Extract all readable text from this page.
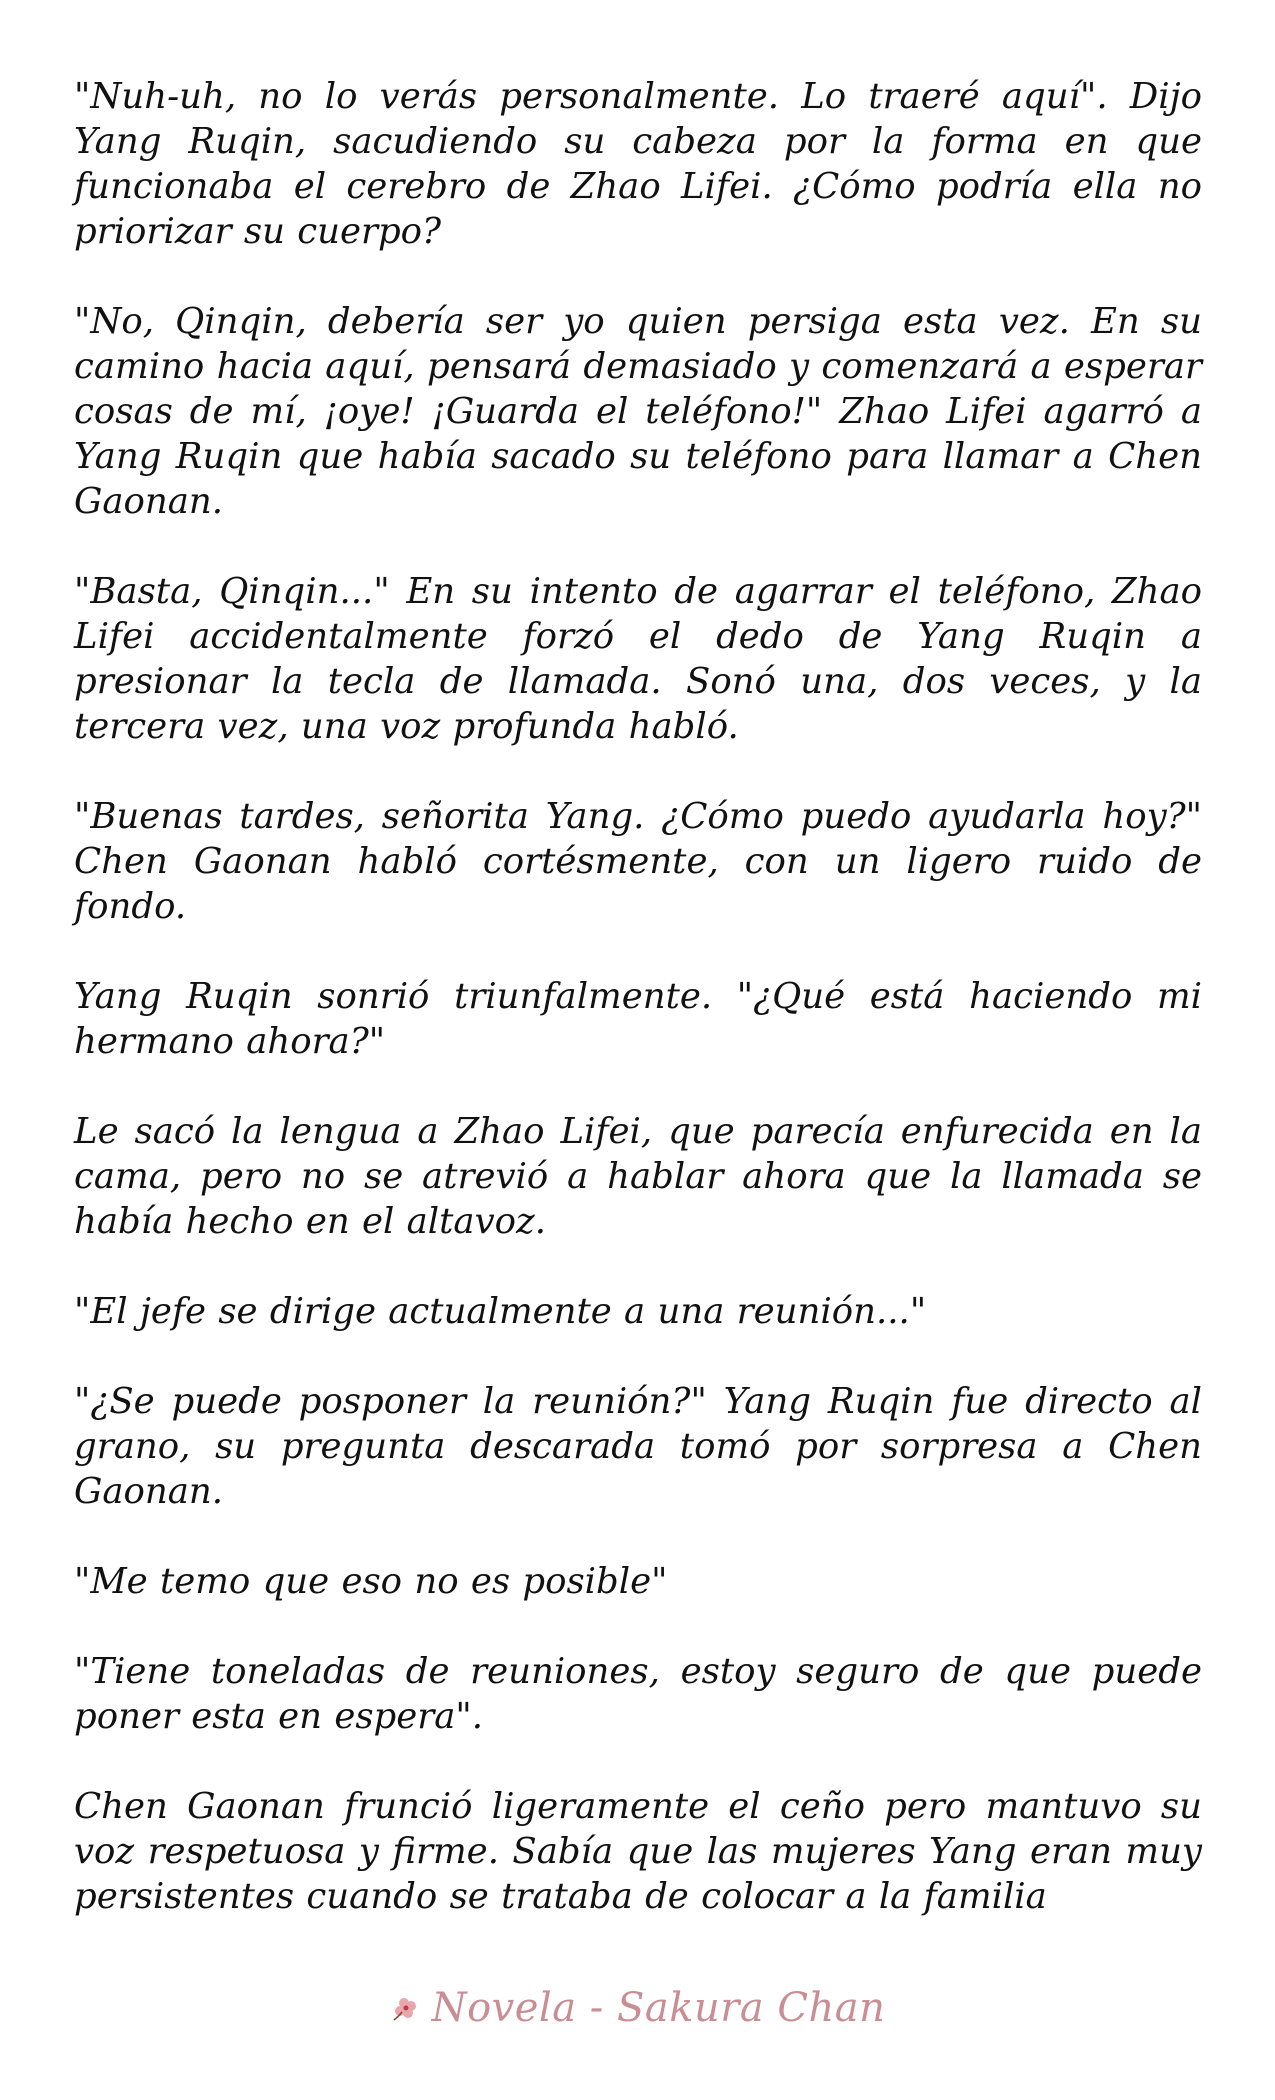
"Nuh-uh, no lo verás personalmente. Lo traeré aquí". Dijo Yang Ruqin, sacudiendo su cabeza por la forma en que funcionaba el cerebro de Zhao Lifei. ¿Cómo podría ella no priorizar su cuerpo?

"No, Qinqin, debería ser yo quien persiga esta vez. En su camino hacia aquí, pensará demasiado y comenzará a esperar cosas de mí, ¡oye! ¡Guarda el teléfono!" Zhao Lifei agarró a Yang Ruqin que había sacado su teléfono para llamar a Chen Gaonan.

"Basta, Qinqin..." En su intento de agarrar el teléfono, Zhao Lifei accidentalmente forzó el dedo de Yang Ruqin a presionar la tecla de llamada. Sonó una, dos veces, y la tercera vez, una voz profunda habló.

"Buenas tardes, señorita Yang. ¿Cómo puedo ayudarla hoy?" Chen Gaonan habló cortésmente, con un ligero ruido de fondo.

Yang Ruqin sonrió triunfalmente. "¿Qué está haciendo mi hermano ahora?"

Le sacó la lengua a Zhao Lifei, que parecía enfurecida en la cama, pero no se atrevió a hablar ahora que la llamada se había hecho en el altavoz.

"El jefe se dirige actualmente a una reunión..."

"¿Se puede posponer la reunión?" Yang Ruqin fue directo al grano, su pregunta descarada tomó por sorpresa a Chen Gaonan.

"Me temo que eso no es posible"

"Tiene toneladas de reuniones, estoy seguro de que puede poner esta en espera".

Chen Gaonan frunció ligeramente el ceño pero mantuvo su voz respetuosa y firme. Sabía que las mujeres Yang eran muy persistentes cuando se trataba de colocar a la familia

Novela - Sakura Chan
